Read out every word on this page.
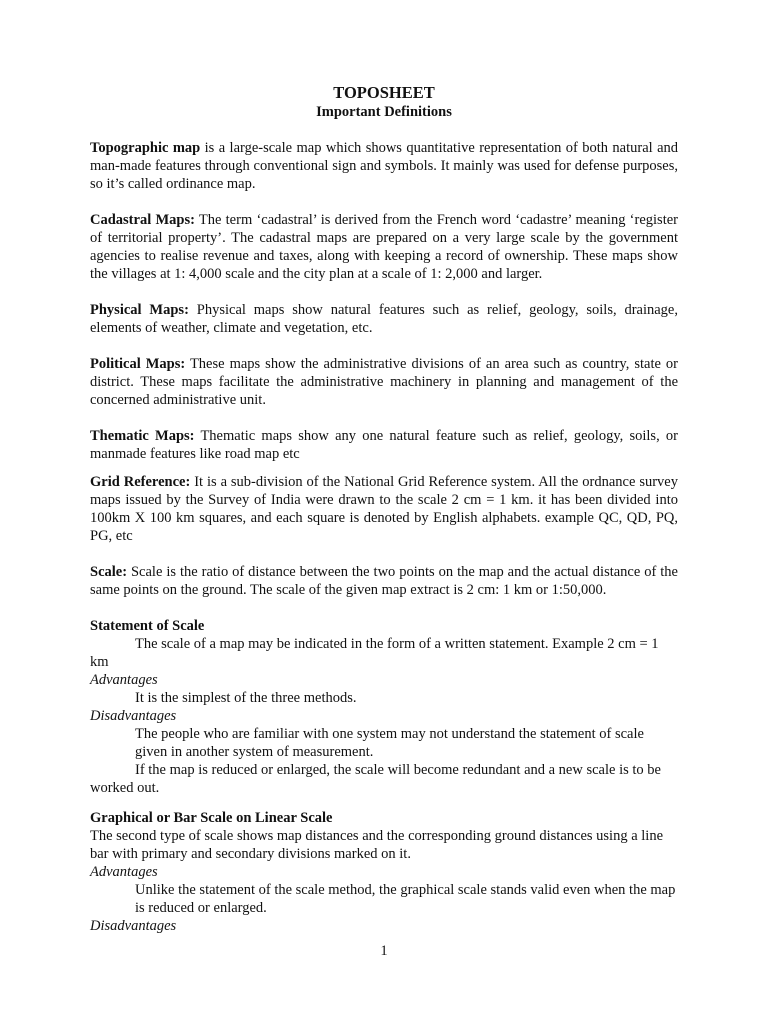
TOPOSHEET

Important Definitions

Topographic map is a large-scale map which shows quantitative representation of both natural and man-made features through conventional sign and symbols. It mainly was used for defense purposes, so it’s called ordinance map.

Cadastral Maps: The term ‘cadastral’ is derived from the French word ‘cadastre’ meaning ‘register of territorial property’. The cadastral maps are prepared on a very large scale by the government agencies to realise revenue and taxes, along with keeping a record of ownership. These maps show the villages at 1: 4,000 scale and the city plan at a scale of 1: 2,000 and larger.

Physical Maps: Physical maps show natural features such as relief, geology, soils, drainage, elements of weather, climate and vegetation, etc.

Political Maps: These maps show the administrative divisions of an area such as country, state or district. These maps facilitate the administrative machinery in planning and management of the concerned administrative unit.

Thematic Maps: Thematic maps show any one natural feature such as relief, geology, soils, or manmade features like road map etc

Grid Reference: It is a sub-division of the National Grid Reference system. All the ordnance survey maps issued by the Survey of India were drawn to the scale 2 cm = 1 km. it has been divided into 100km X 100 km squares, and each square is denoted by English alphabets. example QC, QD, PQ, PG, etc

Scale: Scale is the ratio of distance between the two points on the map and the actual distance of the same points on the ground. The scale of the given map extract is 2 cm: 1 km or 1:50,000.

Statement of Scale

The scale of a map may be indicated in the form of a written statement. Example 2 cm = 1 km

Advantages

It is the simplest of the three methods.

Disadvantages

The people who are familiar with one system may not understand the statement of scale given in another system of measurement.

If the map is reduced or enlarged, the scale will become redundant and a new scale is to be worked out.

Graphical or Bar Scale on Linear Scale

The second type of scale shows map distances and the corresponding ground distances using a line bar with primary and secondary divisions marked on it.

Advantages

Unlike the statement of the scale method, the graphical scale stands valid even when the map is reduced or enlarged.

Disadvantages

1
